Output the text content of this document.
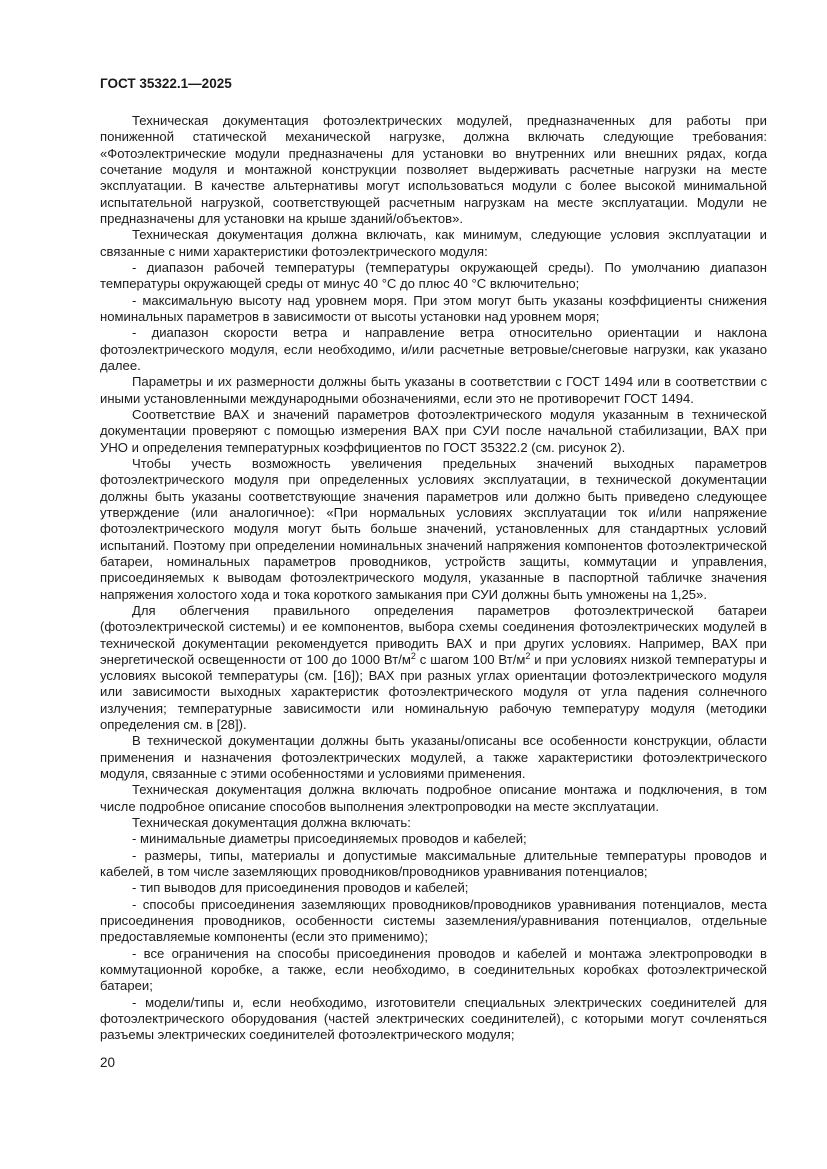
ГОСТ 35322.1—2025

Техническая документация фотоэлектрических модулей, предназначенных для работы при пониженной статической механической нагрузке, должна включать следующие требования: «Фотоэлектрические модули предназначены для установки во внутренних или внешних рядах, когда сочетание модуля и монтажной конструкции позволяет выдерживать расчетные нагрузки на месте эксплуатации. В качестве альтернативы могут использоваться модули с более высокой минимальной испытательной нагрузкой, соответствующей расчетным нагрузкам на месте эксплуатации. Модули не предназначены для установки на крыше зданий/объектов».

Техническая документация должна включать, как минимум, следующие условия эксплуатации и связанные с ними характеристики фотоэлектрического модуля:

- диапазон рабочей температуры (температуры окружающей среды). По умолчанию диапазон температуры окружающей среды от минус 40 °С до плюс 40 °С включительно;

- максимальную высоту над уровнем моря. При этом могут быть указаны коэффициенты снижения номинальных параметров в зависимости от высоты установки над уровнем моря;

- диапазон скорости ветра и направление ветра относительно ориентации и наклона фотоэлектрического модуля, если необходимо, и/или расчетные ветровые/снеговые нагрузки, как указано далее.

Параметры и их размерности должны быть указаны в соответствии с ГОСТ 1494 или в соответствии с иными установленными международными обозначениями, если это не противоречит ГОСТ 1494.

Соответствие ВАХ и значений параметров фотоэлектрического модуля указанным в технической документации проверяют с помощью измерения ВАХ при СУИ после начальной стабилизации, ВАХ при УНО и определения температурных коэффициентов по ГОСТ 35322.2 (см. рисунок 2).

Чтобы учесть возможность увеличения предельных значений выходных параметров фотоэлектрического модуля при определенных условиях эксплуатации, в технической документации должны быть указаны соответствующие значения параметров или должно быть приведено следующее утверждение (или аналогичное): «При нормальных условиях эксплуатации ток и/или напряжение фотоэлектрического модуля могут быть больше значений, установленных для стандартных условий испытаний. Поэтому при определении номинальных значений напряжения компонентов фотоэлектрической батареи, номинальных параметров проводников, устройств защиты, коммутации и управления, присоединяемых к выводам фотоэлектрического модуля, указанные в паспортной табличке значения напряжения холостого хода и тока короткого замыкания при СУИ должны быть умножены на 1,25».

Для облегчения правильного определения параметров фотоэлектрической батареи (фотоэлектрической системы) и ее компонентов, выбора схемы соединения фотоэлектрических модулей в технической документации рекомендуется приводить ВАХ и при других условиях. Например, ВАХ при энергетической освещенности от 100 до 1000 $Вт/м^2$ с шагом 100 $Вт/м^2$ и при условиях низкой температуры и условиях высокой температуры (см. [16]); ВАХ при разных углах ориентации фотоэлектрического модуля или зависимости выходных характеристик фотоэлектрического модуля от угла падения солнечного излучения; температурные зависимости или номинальную рабочую температуру модуля (методики определения см. в [28]).

В технической документации должны быть указаны/описаны все особенности конструкции, области применения и назначения фотоэлектрических модулей, а также характеристики фотоэлектрического модуля, связанные с этими особенностями и условиями применения.

Техническая документация должна включать подробное описание монтажа и подключения, в том числе подробное описание способов выполнения электропроводки на месте эксплуатации.

Техническая документация должна включать:

- минимальные диаметры присоединяемых проводов и кабелей;

- размеры, типы, материалы и допустимые максимальные длительные температуры проводов и кабелей, в том числе заземляющих проводников/проводников уравнивания потенциалов;

- тип выводов для присоединения проводов и кабелей;

- способы присоединения заземляющих проводников/проводников уравнивания потенциалов, места присоединения проводников, особенности системы заземления/уравнивания потенциалов, отдельные предоставляемые компоненты (если это применимо);

- все ограничения на способы присоединения проводов и кабелей и монтажа электропроводки в коммутационной коробке, а также, если необходимо, в соединительных коробках фотоэлектрической батареи;

- модели/типы и, если необходимо, изготовители специальных электрических соединителей для фотоэлектрического оборудования (частей электрических соединителей), с которыми могут сочленяться разъемы электрических соединителей фотоэлектрического модуля;

20
